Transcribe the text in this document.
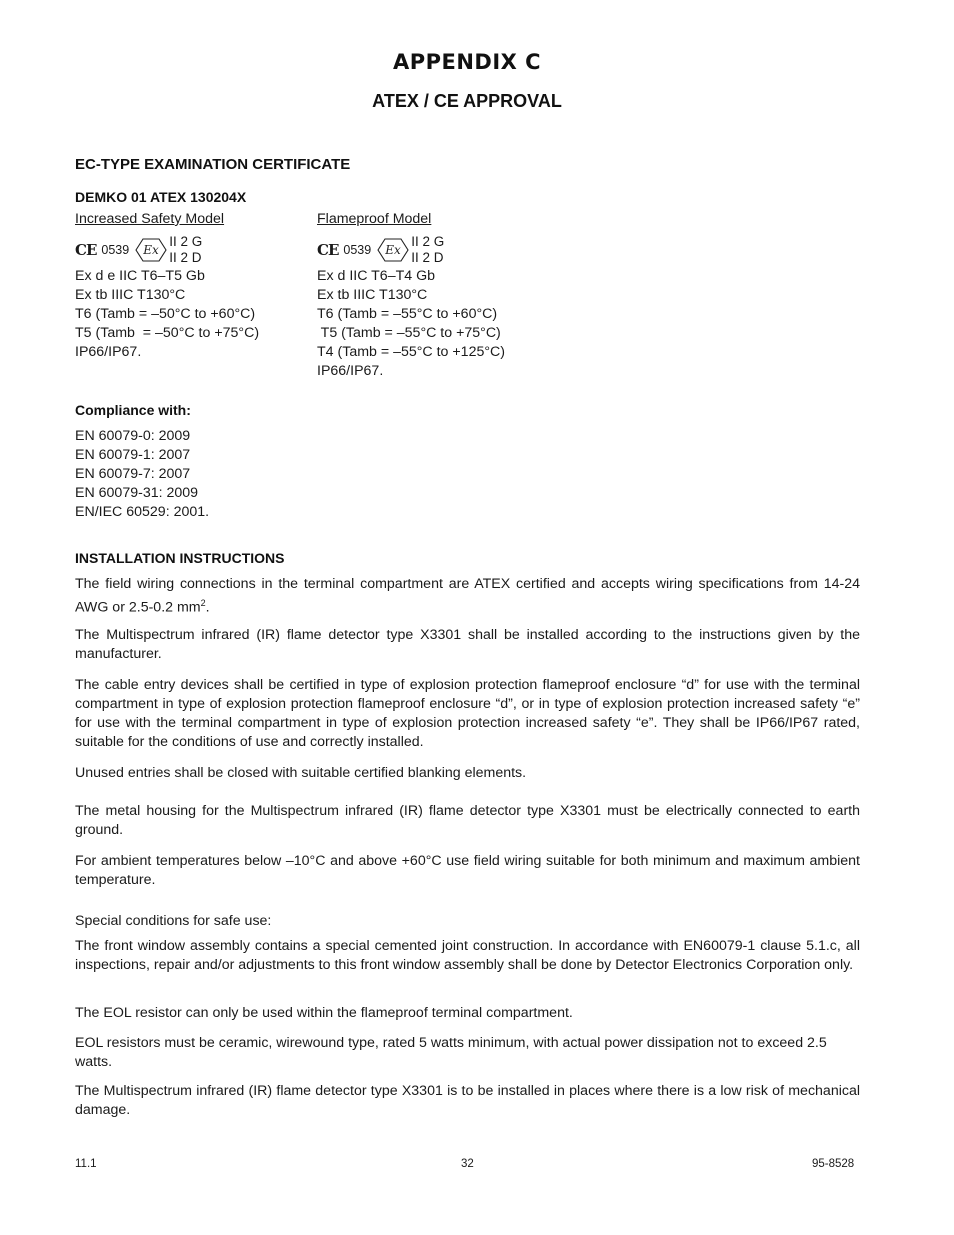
APPENDIX C
ATEX / CE APPROVAL
EC-TYPE EXAMINATION CERTIFICATE
DEMKO 01 ATEX 130204X
Increased Safety Model
CE 0539 Ex
II 2 G
II 2 D
Ex d e IIC T6–T5 Gb
Ex tb IIIC T130°C
T6 (Tamb = –50°C to +60°C)
T5 (Tamb  = –50°C to +75°C)
IP66/IP67.
Flameproof Model
CE 0539 Ex
II 2 G
II 2 D
Ex d IIC T6–T4 Gb
Ex tb IIIC T130°C
T6 (Tamb = –55°C to +60°C)
T5 (Tamb = –55°C to +75°C)
T4 (Tamb = –55°C to +125°C)
IP66/IP67.
Compliance with:
EN 60079-0: 2009
EN 60079-1: 2007
EN 60079-7: 2007
EN 60079-31: 2009
EN/IEC 60529: 2001.
INSTALLATION INSTRUCTIONS
The field wiring connections in the terminal compartment are ATEX certified and accepts wiring specifications from 14-24 AWG or 2.5-0.2 $mm^2$.
The Multispectrum infrared (IR) flame detector type X3301 shall be installed according to the instructions given by the manufacturer.
The cable entry devices shall be certified in type of explosion protection flameproof enclosure “d” for use with the terminal compartment in type of explosion protection flameproof enclosure “d”, or in type of explosion protection increased safety “e” for use with the terminal compartment in type of explosion protection increased safety “e”. They shall be IP66/IP67 rated, suitable for the conditions of use and correctly installed.
Unused entries shall be closed with suitable certified blanking elements.
The metal housing for the Multispectrum infrared (IR) flame detector type X3301 must be electrically connected to earth ground.
For ambient temperatures below –10°C and above +60°C use field wiring suitable for both minimum and maximum ambient temperature.
Special conditions for safe use:
The front window assembly contains a special cemented joint construction. In accordance with EN60079-1 clause 5.1.c, all inspections, repair and/or adjustments to this front window assembly shall be done by Detector Electronics Corporation only.
The EOL resistor can only be used within the flameproof terminal compartment.
EOL resistors must be ceramic, wirewound type, rated 5 watts minimum, with actual power dissipation not to exceed 2.5 watts.
The Multispectrum infrared (IR) flame detector type X3301 is to be installed in places where there is a low risk of mechanical damage.
11.1	32	95-8528
